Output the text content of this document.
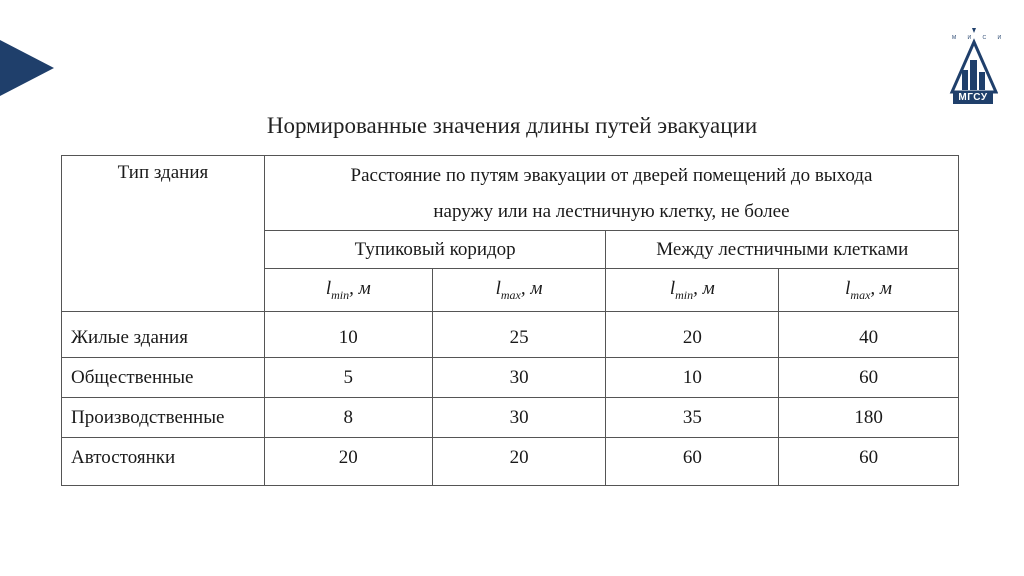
М И С И
МГСУ
Нормированные значения длины путей эвакуации
Тип здания	Расстояние по путям эвакуации от дверей помещений до выхода
наружу или на лестничную клетку, не более			
	Тупиковый коридор		Между лестничными клетками	
	$l_{min}$, м	$l_{max}$, м	$l_{min}$, м	$l_{max}$, м
Жилые здания	10	25	20	40
Общественные	5	30	10	60
Производственные	8	30	35	180
Автостоянки	20	20	60	60
